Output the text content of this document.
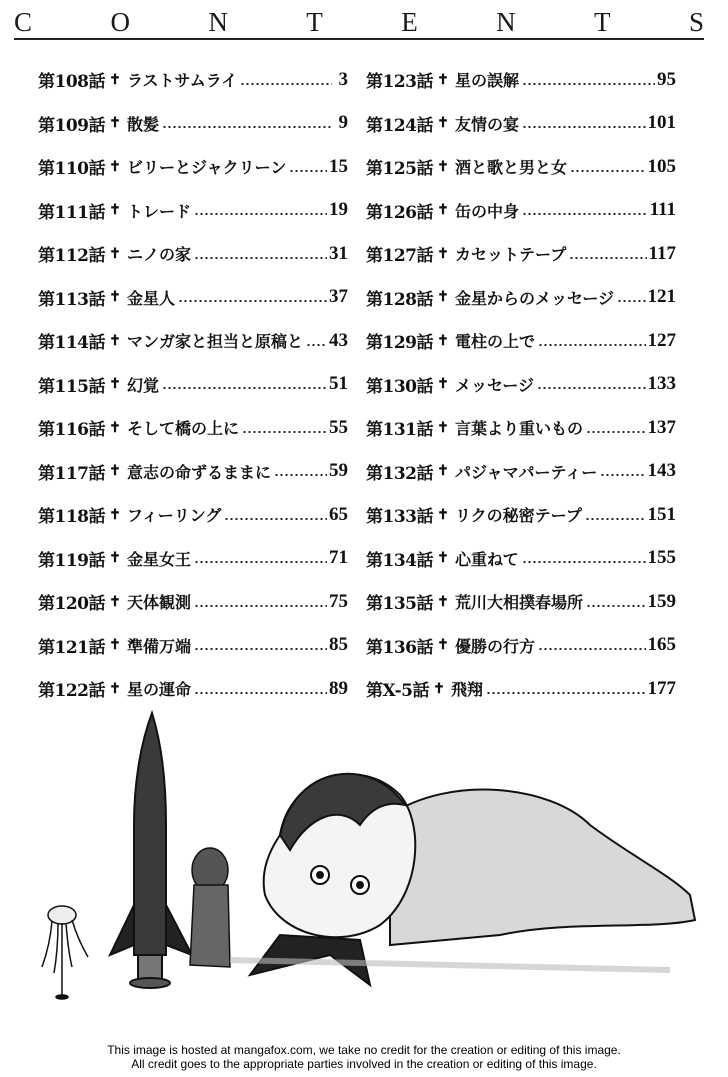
C	O	N	T	E	N	T	S
第108話 ✝ ラストサムライ	3
第109話 ✝ 散髪	9
第110話 ✝ ビリーとジャクリーン 15
第111話 ✝ トレード	19
第112話 ✝ ニノの家	31
第113話 ✝ 金星人	37
第114話 ✝ マンガ家と担当と原稿と 43
第115話 ✝ 幻覚	51
第116話 ✝ そして橋の上に	55
第117話 ✝ 意志の命ずるままに	59
第118話 ✝ フィーリング	65
第119話 ✝ 金星女王	71
第120話 ✝ 天体観測	75
第121話 ✝ 準備万端	85
第122話 ✝ 星の運命	89
第123話 ✝ 星の誤解	95
第124話 ✝ 友情の宴	101
第125話 ✝ 酒と歌と男と女	105
第126話 ✝ 缶の中身	111
第127話 ✝ カセットテープ	117
第128話 ✝ 金星からのメッセージ 121
第129話 ✝ 電柱の上で	127
第130話 ✝ メッセージ	133
第131話 ✝ 言葉より重いもの	137
第132話 ✝ パジャマパーティー	143
第133話 ✝ リクの秘密テープ	151
第134話 ✝ 心重ねて	155
第135話 ✝ 荒川大相撲春場所	159
第136話 ✝ 優勝の行方	165
第X-5話 ✝ 飛翔	177
This image is hosted at mangafox.com, we take no credit for the creation or editing of this image.
All credit goes to the appropriate parties involved in the creation or editing of this image.
